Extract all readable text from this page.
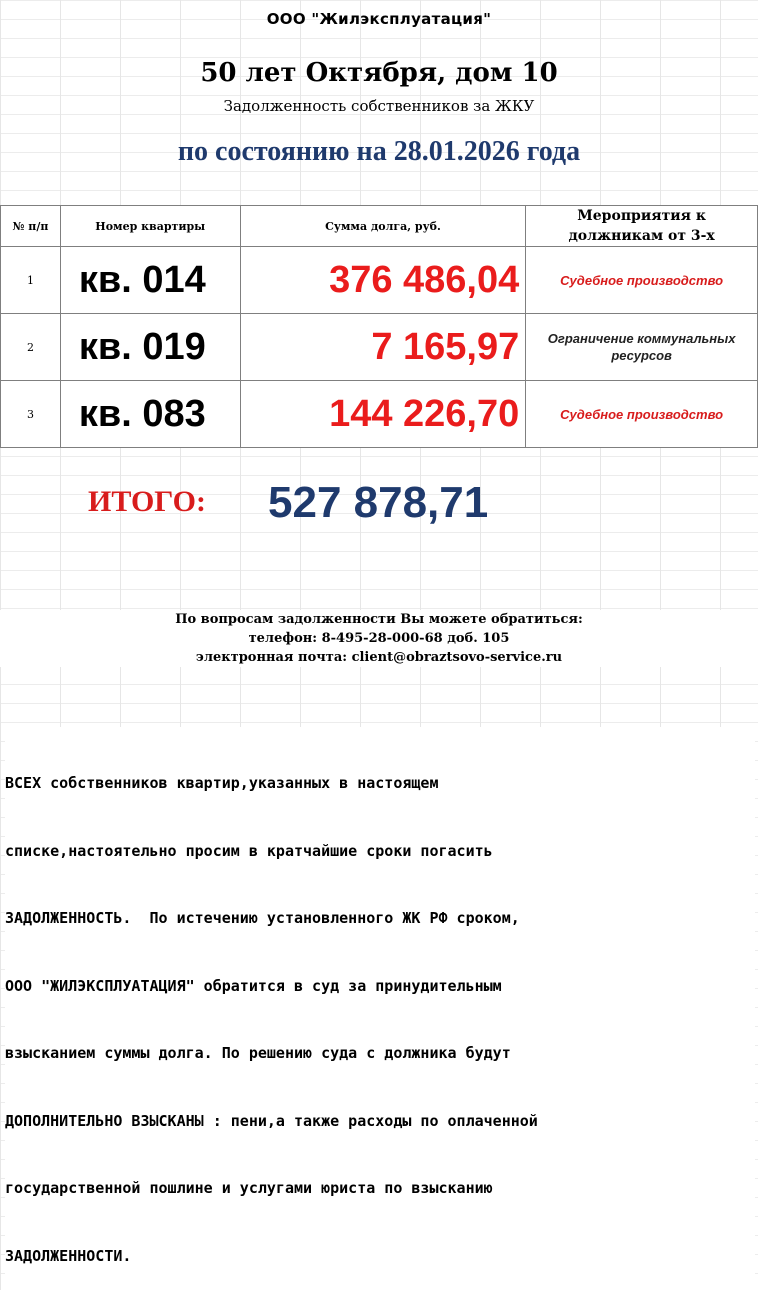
ООО "Жилэксплуатация"
50 лет Октября, дом 10
Задолженность собственников за ЖКУ
по состоянию на 28.01.2026 года
№ п/п	Номер квартиры	Сумма долга, руб.	Мероприятия к
должникам от 3-х

1	кв. 014	376 486,04	Судебное производство
2	кв. 019	7 165,97	Ограничение коммунальных
ресурсов

3	кв. 083	144 226,70	Судебное производство
ИТОГО: 527 878,71
По вопросам задолженности Вы можете обратиться:
телефон: 8-495-28-000-68 доб. 105
электронная почта: client@obraztsovo-service.ru

ВСЕХ собственников квартир,указанных в настоящем

списке,настоятельно просим в кратчайшие сроки погасить

ЗАДОЛЖЕННОСТЬ.  По истечению установленного ЖК РФ сроком,

ООО "ЖИЛЭКСПЛУАТАЦИЯ" обратится в суд за принудительным

взысканием суммы долга. По решению суда с должника будут

ДОПОЛНИТЕЛЬНО ВЗЫСКАНЫ : пени,а также расходы по оплаченной

государственной пошлине и услугами юриста по взысканию

ЗАДОЛЖЕННОСТИ.
